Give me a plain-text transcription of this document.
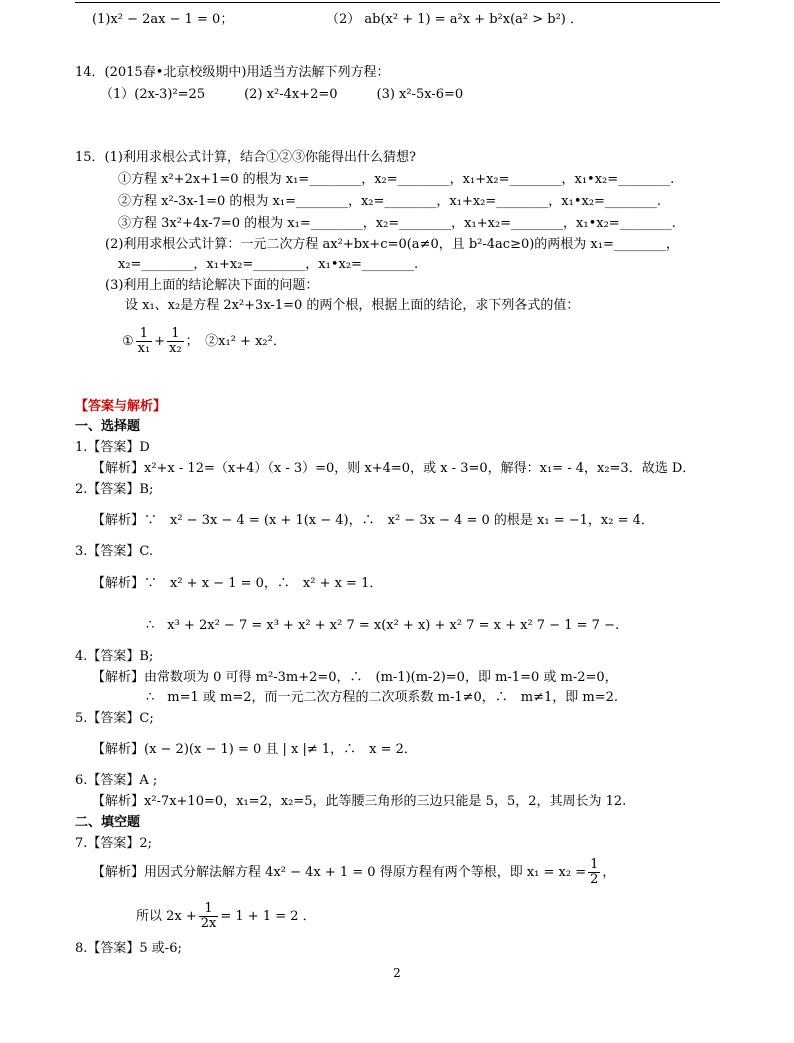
(1)x² − 2ax − 1 = 0；	（2） ab(x² + 1) = a²x + b²x(a² > b²) ．
14．(2015春•北京校级期中)用适当方法解下列方程：
（1）(2x-3)²=25　　　(2) x²-4x+2=0　　　(3) x²-5x-6=0
15．(1)利用求根公式计算，结合①②③你能得出什么猜想?
①方程 x²+2x+1=0 的根为 x₁=________，x₂=________，x₁+x₂=________，x₁•x₂=________.
②方程 x²-3x-1=0 的根为 x₁=________，x₂=________，x₁+x₂=________，x₁•x₂=________.
③方程 3x²+4x-7=0 的根为 x₁=________，x₂=________，x₁+x₂=________，x₁•x₂=________.
(2)利用求根公式计算：一元二次方程 ax²+bx+c=0(a≠0，且 b²-4ac≥0)的两根为 x₁=________，
x₂=________，x₁+x₂=________，x₁•x₂=________.
(3)利用上面的结论解决下面的问题：
设 x₁、x₂是方程 2x²+3x-1=0 的两个根，根据上面的结论，求下列各式的值：
① $\frac{1}{\text{x₁}} + \frac{1}{\text{x₂}}$ ；　②x₁² + x₂²．
【答案与解析】
一、选择题
1.【答案】D
【解析】x²+x - 12=（x+4）（x - 3）=0，则 x+4=0，或 x - 3=0，解得：x₁= - 4，x₂=3．故选 D．
2.【答案】B;
【解析】∵　x² − 3x − 4 = (x + 1(x − 4)，∴　x² − 3x − 4 = 0 的根是 x₁ = −1，x₂ = 4．
3.【答案】C.
【解析】∵　x² + x − 1 = 0，∴　x² + x = 1．
∴　x³ + 2x² − 7 = x³ + x² + x² 7 = x(x² + x) + x² 7 = x + x² 7 − 1 = 7 −.
4.【答案】B;
【解析】由常数项为 0 可得 m²-3m+2=0，∴　(m-1)(m-2)=0，即 m-1=0 或 m-2=0，
∴　m=1 或 m=2，而一元二次方程的二次项系数 m-1≠0，∴　m≠1，即 m=2.
5.【答案】C;
【解析】(x − 2)(x − 1) = 0 且 | x |≠ 1，∴　x = 2．
6.【答案】A ;
【解析】x²-7x+10=0，x₁=2，x₂=5，此等腰三角形的三边只能是 5，5，2，其周长为 12.
二、填空题
7.【答案】2;
【解析】用因式分解法解方程 4x² − 4x + 1 = 0 得原方程有两个等根，即 $x_1 = x_2 = \frac{1}{2}$ ，
所以 $2x + \frac{1}{2x} = 1 + 1 = 2$ ．
8.【答案】5 或-6;
2
